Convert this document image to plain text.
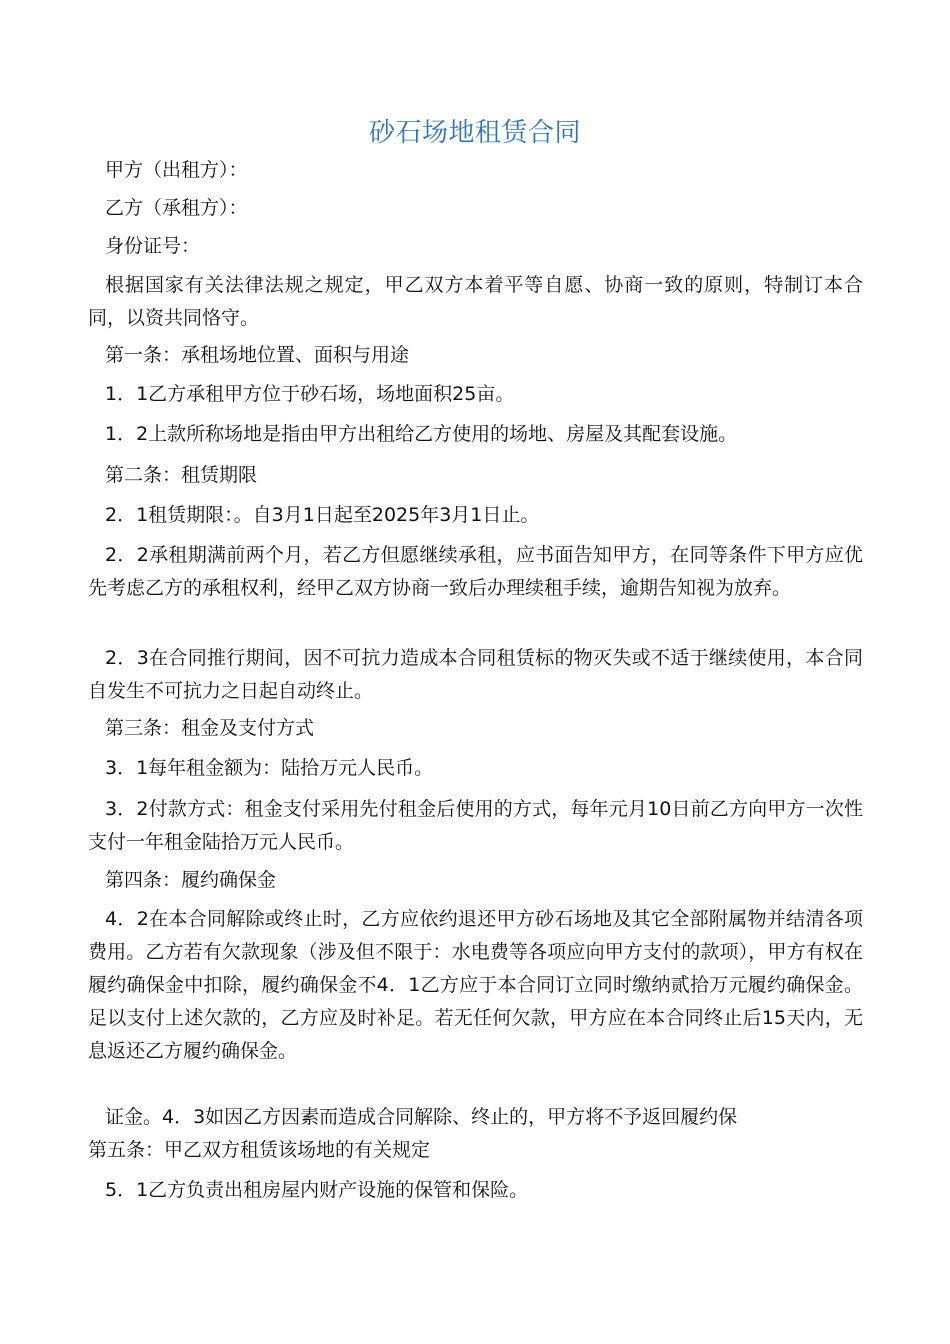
砂石场地租赁合同

甲方（出租方）：

乙方（承租方）：

身份证号：

根据国家有关法律法规之规定，甲乙双方本着平等自愿、协商一致的原则，特制订本合同，以资共同恪守。

第一条：承租场地位置、面积与用途

1．1乙方承租甲方位于砂石场，场地面积25亩。

1．2上款所称场地是指由甲方出租给乙方使用的场地、房屋及其配套设施。

第二条：租赁期限

2．1租赁期限：。自3月1日起至2025年3月1日止。

2．2承租期满前两个月，若乙方但愿继续承租，应书面告知甲方，在同等条件下甲方应优先考虑乙方的承租权利，经甲乙双方协商一致后办理续租手续，逾期告知视为放弃。

2．3在合同推行期间，因不可抗力造成本合同租赁标的物灭失或不适于继续使用，本合同自发生不可抗力之日起自动终止。

第三条：租金及支付方式

3．1每年租金额为：陆拾万元人民币。

3．2付款方式：租金支付采用先付租金后使用的方式，每年元月10日前乙方向甲方一次性支付一年租金陆拾万元人民币。

第四条：履约确保金

4．2在本合同解除或终止时，乙方应依约退还甲方砂石场地及其它全部附属物并结清各项费用。乙方若有欠款现象（涉及但不限于：水电费等各项应向甲方支付的款项），甲方有权在履约确保金中扣除，履约确保金不4．1乙方应于本合同订立同时缴纳贰拾万元履约确保金。足以支付上述欠款的，乙方应及时补足。若无任何欠款，甲方应在本合同终止后15天内，无息返还乙方履约确保金。

证金。4．3如因乙方因素而造成合同解除、终止的，甲方将不予返回履约保

第五条：甲乙双方租赁该场地的有关规定

5．1乙方负责出租房屋内财产设施的保管和保险。
